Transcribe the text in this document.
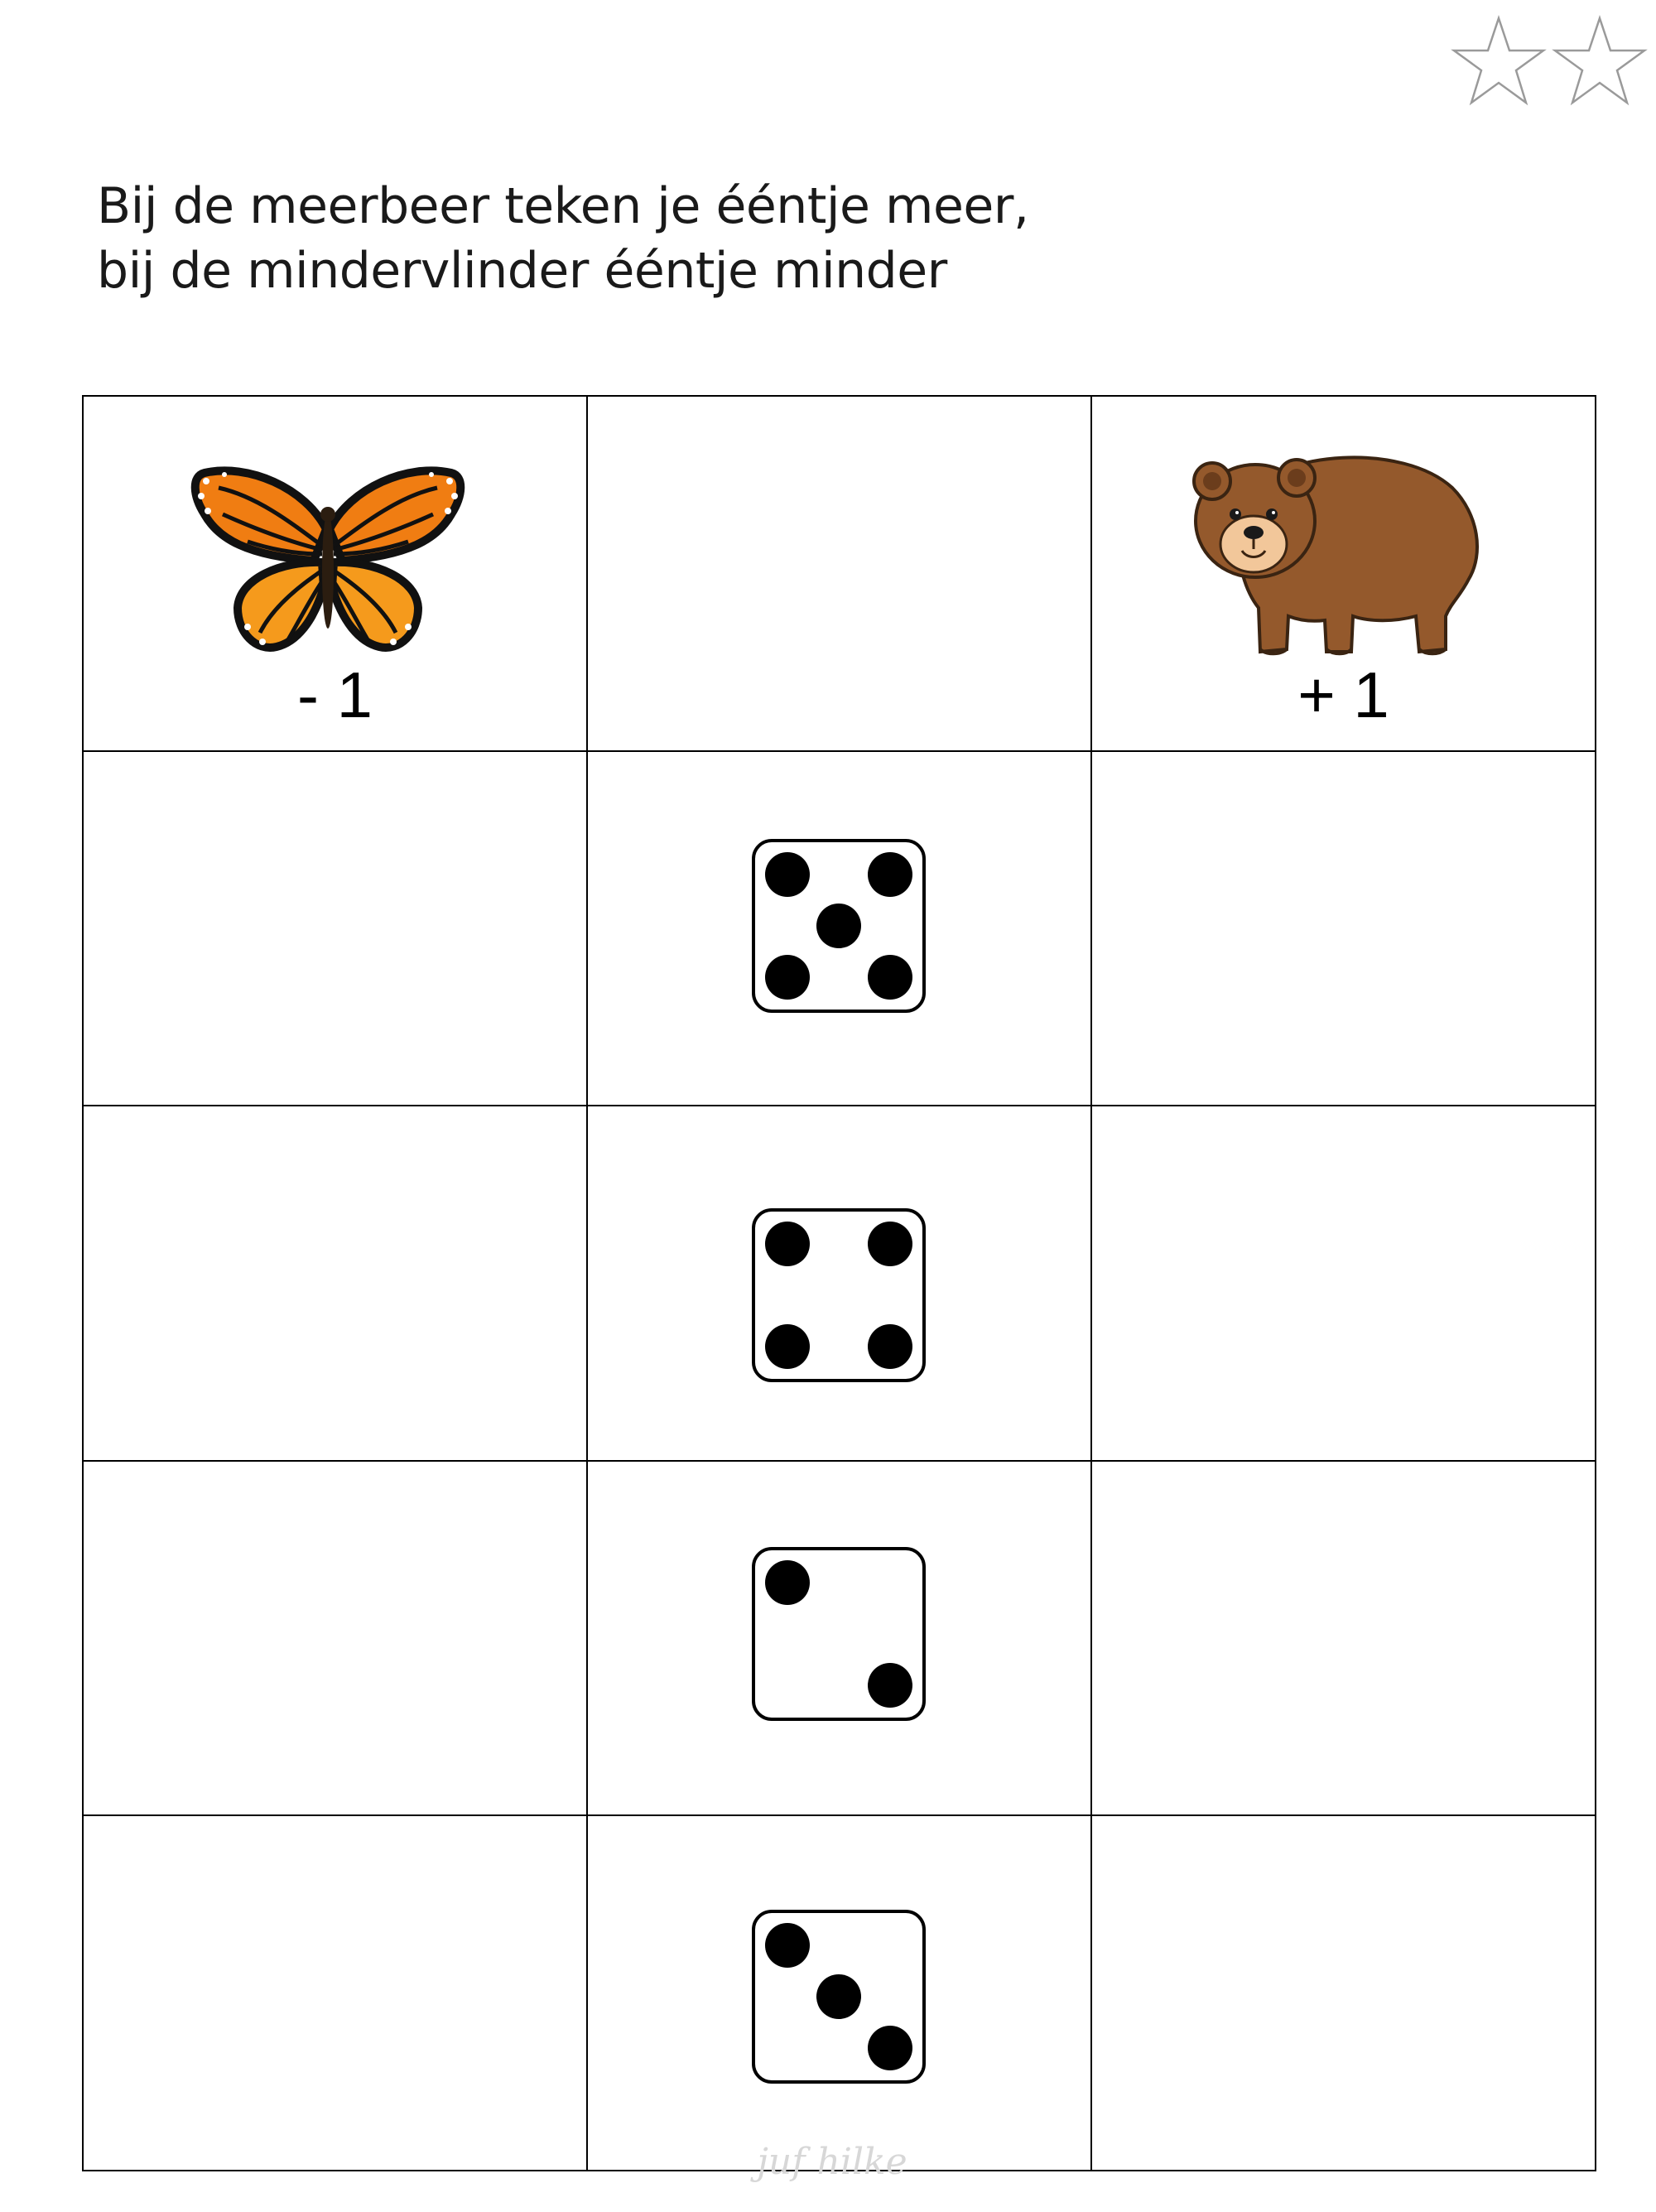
Bij de meerbeer teken je ééntje meer,
bij de mindervlinder ééntje minder
- 1		+ 1

juf hilke
